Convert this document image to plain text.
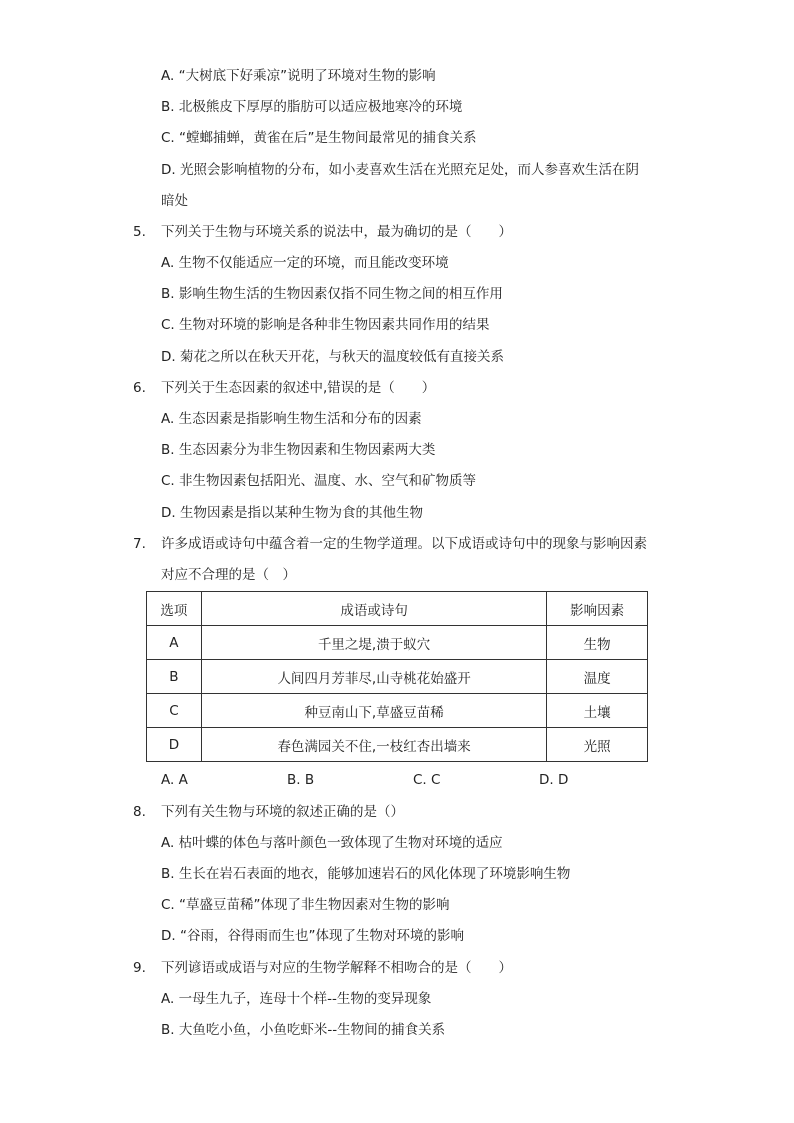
A. “大树底下好乘凉”说明了环境对生物的影响
B. 北极熊皮下厚厚的脂肪可以适应极地寒冷的环境
C. “螳螂捕蝉，黄雀在后”是生物间最常见的捕食关系
D. 光照会影响植物的分布，如小麦喜欢生活在光照充足处，而人参喜欢生活在阴
暗处
5. 下列关于生物与环境关系的说法中，最为确切的是（　　）
A. 生物不仅能适应一定的环境，而且能改变环境
B. 影响生物生活的生物因素仅指不同生物之间的相互作用
C. 生物对环境的影响是各种非生物因素共同作用的结果
D. 菊花之所以在秋天开花，与秋天的温度较低有直接关系
6. 下列关于生态因素的叙述中,错误的是（　　）
A. 生态因素是指影响生物生活和分布的因素
B. 生态因素分为非生物因素和生物因素两大类
C. 非生物因素包括阳光、温度、水、空气和矿物质等
D. 生物因素是指以某种生物为食的其他生物
7. 许多成语或诗句中蕴含着一定的生物学道理。以下成语或诗句中的现象与影响因素
对应不合理的是（　）
选项	成语或诗句	影响因素
A	千里之堤,溃于蚁穴	生物
B	人间四月芳菲尽,山寺桃花始盛开	温度
C	种豆南山下,草盛豆苗稀	土壤
D	春色满园关不住,一枝红杏出墙来	光照
A. A	B. B	C. C	D. D
8. 下列有关生物与环境的叙述正确的是（）
A. 枯叶蝶的体色与落叶颜色一致体现了生物对环境的适应
B. 生长在岩石表面的地衣，能够加速岩石的风化体现了环境影响生物
C. “草盛豆苗稀”体现了非生物因素对生物的影响
D. “谷雨，谷得雨而生也”体现了生物对环境的影响
9. 下列谚语或成语与对应的生物学解释不相吻合的是（　　）
A. 一母生九子，连母十个样--生物的变异现象
B. 大鱼吃小鱼，小鱼吃虾米--生物间的捕食关系
